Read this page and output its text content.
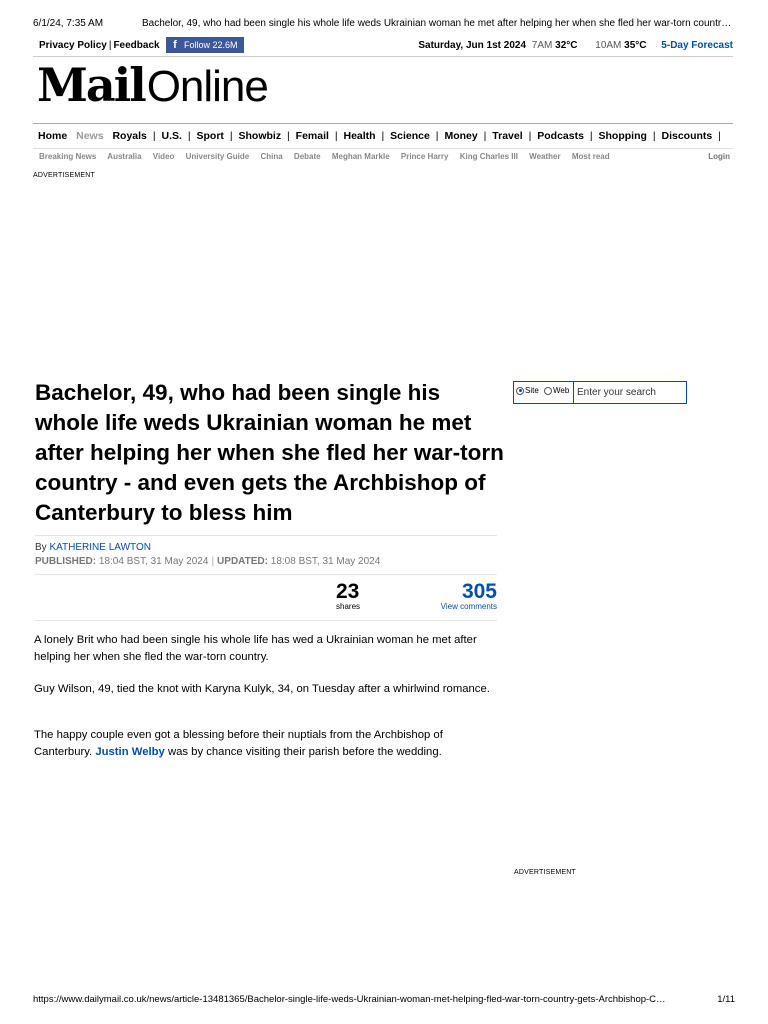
6/1/24, 7:35 AM	Bachelor, 49, who had been single his whole life weds Ukrainian woman he met after helping her when she fled her war-torn countr…
Privacy Policy | Feedback	f Follow 22.6M	Saturday, Jun 1st 2024 7AM 32°C 10AM 35°C 5-Day Forecast
MailOnline
Home News Royals | U.S. | Sport | Showbiz | Femail | Health | Science | Money | Travel | Podcasts | Shopping | Discounts |
Breaking News Australia Video University Guide China Debate Meghan Markle Prince Harry King Charles III Weather Most read	Login
ADVERTISEMENT
Bachelor, 49, who had been single his whole life weds Ukrainian woman he met after helping her when she fled her war-torn country - and even gets the Archbishop of Canterbury to bless him
Site Web Enter your search
By KATHERINE LAWTON
PUBLISHED: 18:04 BST, 31 May 2024 | UPDATED: 18:08 BST, 31 May 2024
23
shares
305
View comments

A lonely Brit who had been single his whole life has wed a Ukrainian woman he met after helping her when she fled the war-torn country.

Guy Wilson, 49, tied the knot with Karyna Kulyk, 34, on Tuesday after a whirlwind romance.

The happy couple even got a blessing before their nuptials from the Archbishop of Canterbury. Justin Welby was by chance visiting their parish before the wedding.

ADVERTISEMENT
https://www.dailymail.co.uk/news/article-13481365/Bachelor-single-life-weds-Ukrainian-woman-met-helping-fled-war-torn-country-gets-Archbishop-C…	1/11
